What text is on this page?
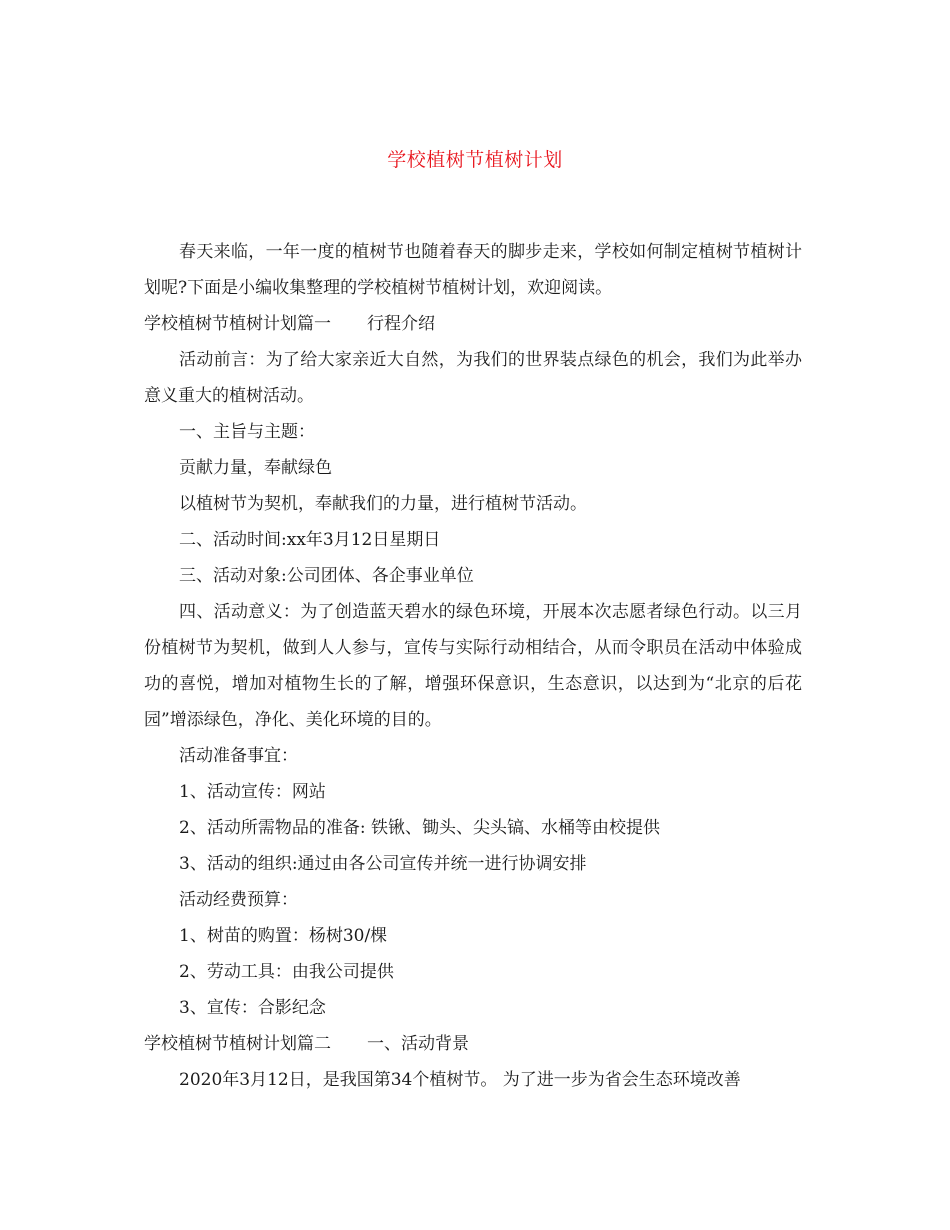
学校植树节植树计划

春天来临，一年一度的植树节也随着春天的脚步走来，学校如何制定植树节植树计划呢?下面是小编收集整理的学校植树节植树计划，欢迎阅读。

学校植树节植树计划篇一 行程介绍

活动前言：为了给大家亲近大自然，为我们的世界装点绿色的机会，我们为此举办意义重大的植树活动。

一、主旨与主题：

贡献力量，奉献绿色

以植树节为契机，奉献我们的力量，进行植树节活动。

二、活动时间:xx年3月12日星期日

三、活动对象:公司团体、各企事业单位

四、活动意义：为了创造蓝天碧水的绿色环境，开展本次志愿者绿色行动。以三月份植树节为契机，做到人人参与，宣传与实际行动相结合，从而令职员在活动中体验成功的喜悦，增加对植物生长的了解，增强环保意识，生态意识，以达到为“北京的后花园”增添绿色，净化、美化环境的目的。

活动准备事宜：

1、活动宣传：网站

2、活动所需物品的准备: 铁锹、锄头、尖头镐、水桶等由校提供

3、活动的组织:通过由各公司宣传并统一进行协调安排

活动经费预算：

1、树苗的购置：杨树30/棵

2、劳动工具：由我公司提供

3、宣传：合影纪念

学校植树节植树计划篇二 一、活动背景

2020年3月12日，是我国第34个植树节。 为了进一步为省会生态环境改善
